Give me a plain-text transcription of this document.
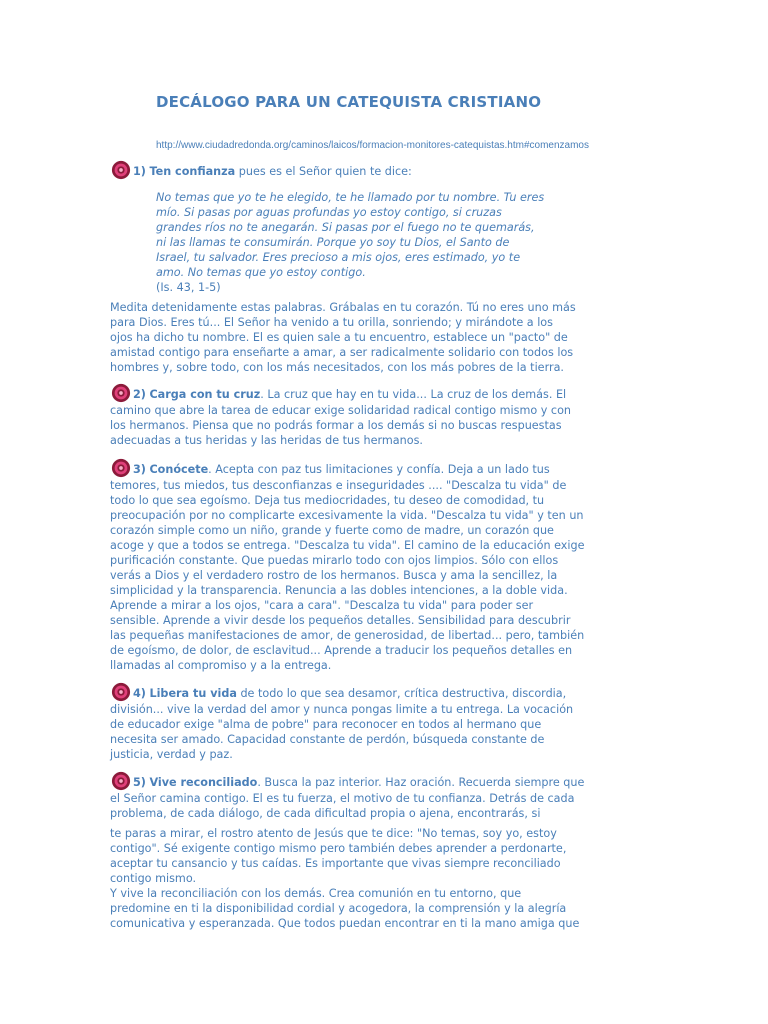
DECÁLOGO PARA UN CATEQUISTA CRISTIANO
http://www.ciudadredonda.org/caminos/laicos/formacion-monitores-catequistas.htm#comenzamos
1) Ten confianza pues es el Señor quien te dice:
No temas que yo te he elegido, te he llamado por tu nombre. Tu eres
mío. Si pasas por aguas profundas yo estoy contigo, si cruzas
grandes ríos no te anegarán. Si pasas por el fuego no te quemarás,
ni las llamas te consumirán. Porque yo soy tu Dios, el Santo de
Israel, tu salvador. Eres precioso a mis ojos, eres estimado, yo te
amo. No temas que yo estoy contigo.
(Is. 43, 1-5)
Medita detenidamente estas palabras. Grábalas en tu corazón. Tú no eres uno más
para Dios. Eres tú... El Señor ha venido a tu orilla, sonriendo; y mirándote a los
ojos ha dicho tu nombre. El es quien sale a tu encuentro, establece un "pacto" de
amistad contigo para enseñarte a amar, a ser radicalmente solidario con todos los
hombres y, sobre todo, con los más necesitados, con los más pobres de la tierra.
2) Carga con tu cruz. La cruz que hay en tu vida... La cruz de los demás. El
camino que abre la tarea de educar exige solidaridad radical contigo mismo y con
los hermanos. Piensa que no podrás formar a los demás si no buscas respuestas
adecuadas a tus heridas y las heridas de tus hermanos.
3) Conócete. Acepta con paz tus limitaciones y confía. Deja a un lado tus
temores, tus miedos, tus desconfianzas e inseguridades .... "Descalza tu vida" de
todo lo que sea egoísmo. Deja tus mediocridades, tu deseo de comodidad, tu
preocupación por no complicarte excesivamente la vida. "Descalza tu vida" y ten un
corazón simple como un niño, grande y fuerte como de madre, un corazón que
acoge y que a todos se entrega. "Descalza tu vida". El camino de la educación exige
purificación constante. Que puedas mirarlo todo con ojos limpios. Sólo con ellos
verás a Dios y el verdadero rostro de los hermanos. Busca y ama la sencillez, la
simplicidad y la transparencia. Renuncia a las dobles intenciones, a la doble vida.
Aprende a mirar a los ojos, "cara a cara". "Descalza tu vida" para poder ser
sensible. Aprende a vivir desde los pequeños detalles. Sensibilidad para descubrir
las pequeñas manifestaciones de amor, de generosidad, de libertad... pero, también
de egoísmo, de dolor, de esclavitud... Aprende a traducir los pequeños detalles en
llamadas al compromiso y a la entrega.
4) Libera tu vida de todo lo que sea desamor, crítica destructiva, discordia,
división... vive la verdad del amor y nunca pongas limite a tu entrega. La vocación
de educador exige "alma de pobre" para reconocer en todos al hermano que
necesita ser amado. Capacidad constante de perdón, búsqueda constante de
justicia, verdad y paz.
5) Vive reconciliado. Busca la paz interior. Haz oración. Recuerda siempre que
el Señor camina contigo. El es tu fuerza, el motivo de tu confianza. Detrás de cada
problema, de cada diálogo, de cada dificultad propia o ajena, encontrarás, si
te paras a mirar, el rostro atento de Jesús que te dice: "No temas, soy yo, estoy
contigo". Sé exigente contigo mismo pero también debes aprender a perdonarte,
aceptar tu cansancio y tus caídas. Es importante que vivas siempre reconciliado
contigo mismo.
Y vive la reconciliación con los demás. Crea comunión en tu entorno, que
predomine en ti la disponibilidad cordial y acogedora, la comprensión y la alegría
comunicativa y esperanzada. Que todos puedan encontrar en ti la mano amiga que
